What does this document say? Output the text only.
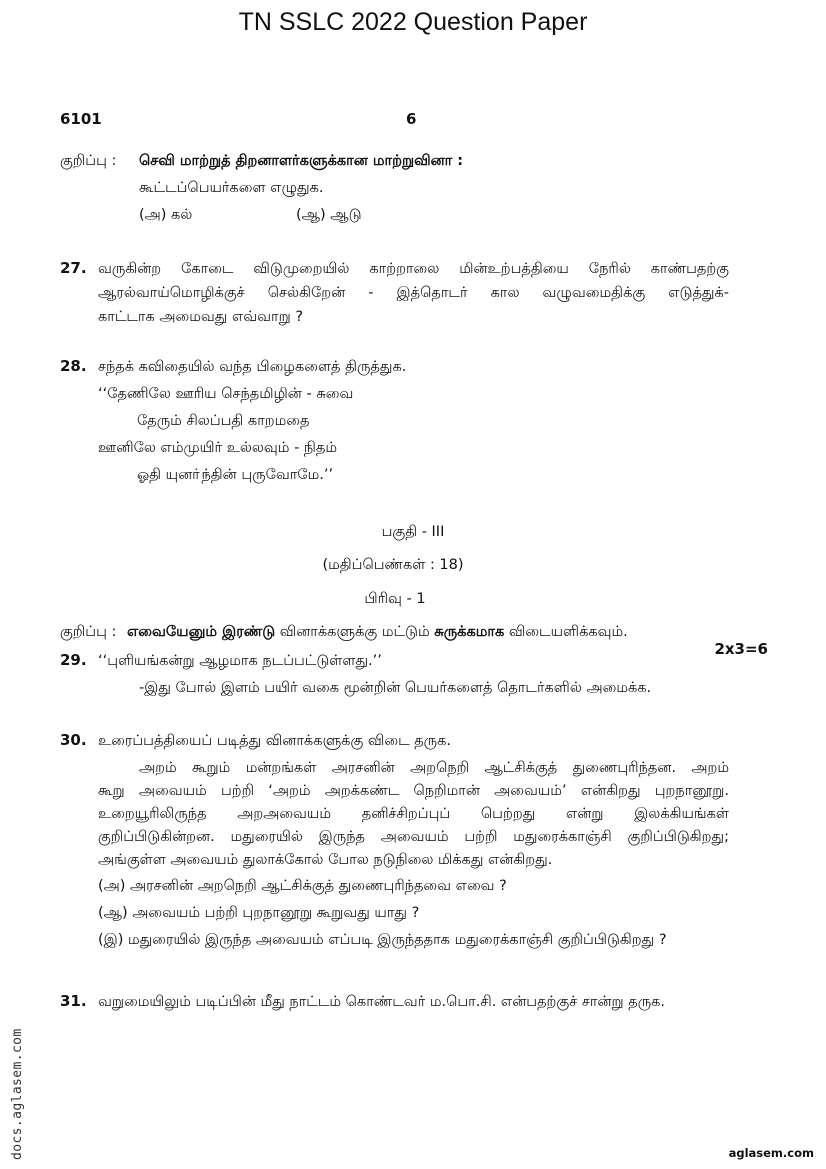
TN SSLC 2022 Question Paper
6101	6
குறிப்பு : செவி மாற்றுத் திறனாளர்களுக்கான மாற்றுவினா :
கூட்டப்பெயர்களை எழுதுக.
(அ) கல்	(ஆ) ஆடு
27. வருகின்ற கோடை விடுமுறையில் காற்றாலை மின்உற்பத்தியை நேரில் காண்பதற்கு
ஆரல்வாய்மொழிக்குச் செல்கிறேன் - இத்தொடர் கால வழுவமைதிக்கு எடுத்துக்-
காட்டாக அமைவது எவ்வாறு ?
28. சந்தக் கவிதையில் வந்த பிழைகளைத் திருத்துக.
‘‘தேணிலே ஊரிய செந்தமிழின் - சுவை
தேரும் சிலப்பதி காறமதை
ஊனிலே எம்முயிர் உல்லவும் - நிதம்
ஓதி யுனா்ந்தின் புருவோமே.’’
பகுதி - III
(மதிப்பெண்கள் : 18)
பிரிவு - 1
குறிப்பு : எவையேனும் இரண்டு வினாக்களுக்கு மட்டும் சுருக்கமாக விடையளிக்கவும்.
2x3=6
29. ‘‘புளியங்கன்று ஆழமாக நடப்பட்டுள்ளது.’’
-இது போல் இளம் பயிர் வகை மூன்றின் பெயர்களைத் தொடர்களில் அமைக்க.
30. உரைப்பத்தியைப் படித்து வினாக்களுக்கு விடை தருக.
அறம் கூறும் மன்றங்கள் அரசனின் அறநெறி ஆட்சிக்குத் துணைபுரிந்தன. அறம்
கூறு அவையம் பற்றி ‘அறம் அறக்கண்ட நெறிமான் அவையம்’ என்கிறது புறநானூறு.
உறையூரிலிருந்த அறஅவையம் தனிச்சிறப்புப் பெற்றது என்று இலக்கியங்கள்
குறிப்பிடுகின்றன. மதுரையில் இருந்த அவையம் பற்றி மதுரைக்காஞ்சி குறிப்பிடுகிறது;
அங்குள்ள அவையம் துலாக்கோல் போல நடுநிலை மிக்கது என்கிறது.
(அ) அரசனின் அறநெறி ஆட்சிக்குத் துணைபுரிந்தவை எவை ?
(ஆ) அவையம் பற்றி புறநானூறு கூறுவது யாது ?
(இ) மதுரையில் இருந்த அவையம் எப்படி இருந்ததாக மதுரைக்காஞ்சி குறிப்பிடுகிறது ?
31. வறுமையிலும் படிப்பின் மீது நாட்டம் கொண்டவர் ம.பொ.சி. என்பதற்குச் சான்று தருக.
docs.aglasem.com	aglasem.com
